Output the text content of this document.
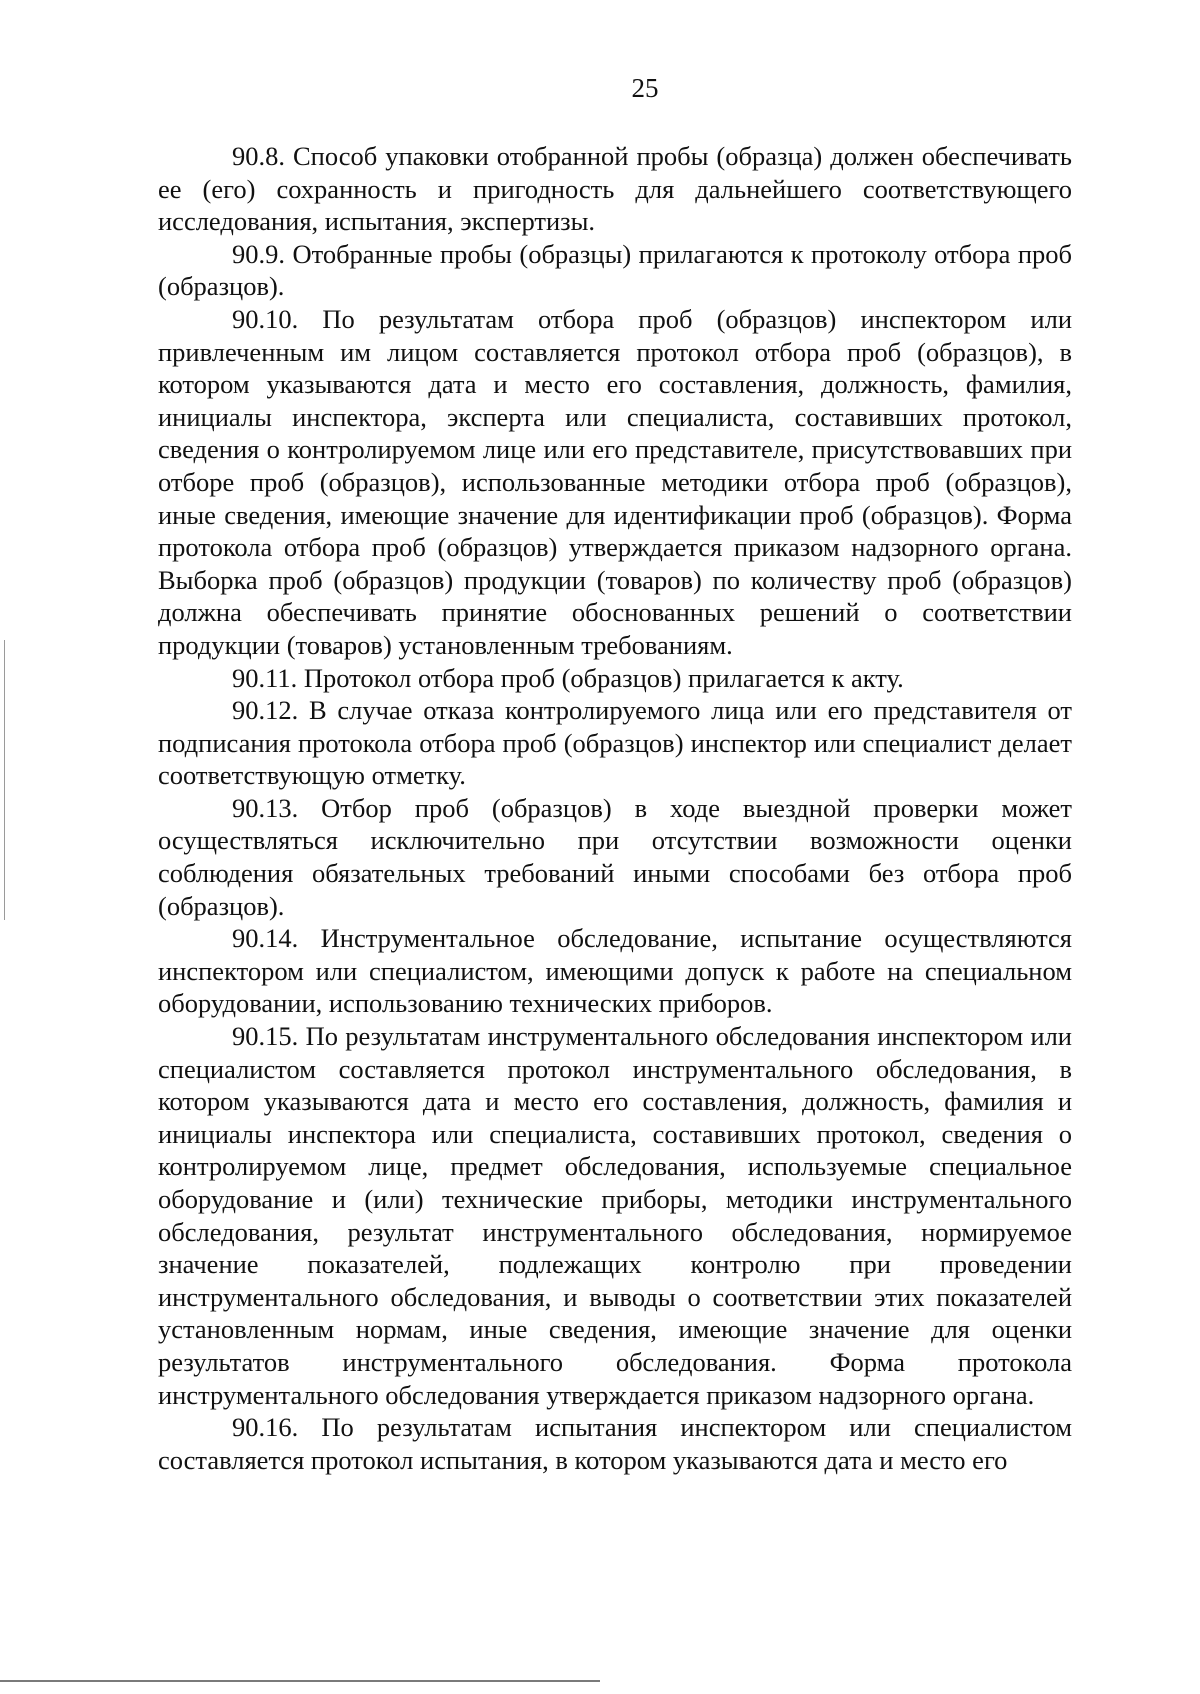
25

90.8. Способ упаковки отобранной пробы (образца) должен обеспечивать ее (его) сохранность и пригодность для дальнейшего соответствующего исследования, испытания, экспертизы.

90.9. Отобранные пробы (образцы) прилагаются к протоколу отбора проб (образцов).

90.10. По результатам отбора проб (образцов) инспектором или привлеченным им лицом составляется протокол отбора проб (образцов), в котором указываются дата и место его составления, должность, фамилия, инициалы инспектора, эксперта или специалиста, составивших протокол, сведения о контролируемом лице или его представителе, присутствовавших при отборе проб (образцов), использованные методики отбора проб (образцов), иные сведения, имеющие значение для идентификации проб (образцов). Форма протокола отбора проб (образцов) утверждается приказом надзорного органа. Выборка проб (образцов) продукции (товаров) по количеству проб (образцов) должна обеспечивать принятие обоснованных решений о соответствии продукции (товаров) установленным требованиям.

90.11. Протокол отбора проб (образцов) прилагается к акту.

90.12. В случае отказа контролируемого лица или его представителя от подписания протокола отбора проб (образцов) инспектор или специалист делает соответствующую отметку.

90.13. Отбор проб (образцов) в ходе выездной проверки может осуществляться исключительно при отсутствии возможности оценки соблюдения обязательных требований иными способами без отбора проб (образцов).

90.14. Инструментальное обследование, испытание осуществляются инспектором или специалистом, имеющими допуск к работе на специальном оборудовании, использованию технических приборов.

90.15. По результатам инструментального обследования инспектором или специалистом составляется протокол инструментального обследования, в котором указываются дата и место его составления, должность, фамилия и инициалы инспектора или специалиста, составивших протокол, сведения о контролируемом лице, предмет обследования, используемые специальное оборудование и (или) технические приборы, методики инструментального обследования, результат инструментального обследования, нормируемое значение показателей, подлежащих контролю при проведении инструментального обследования, и выводы о соответствии этих показателей установленным нормам, иные сведения, имеющие значение для оценки результатов инструментального обследования. Форма протокола инструментального обследования утверждается приказом надзорного органа.

90.16. По результатам испытания инспектором или специалистом составляется протокол испытания, в котором указываются дата и место его
